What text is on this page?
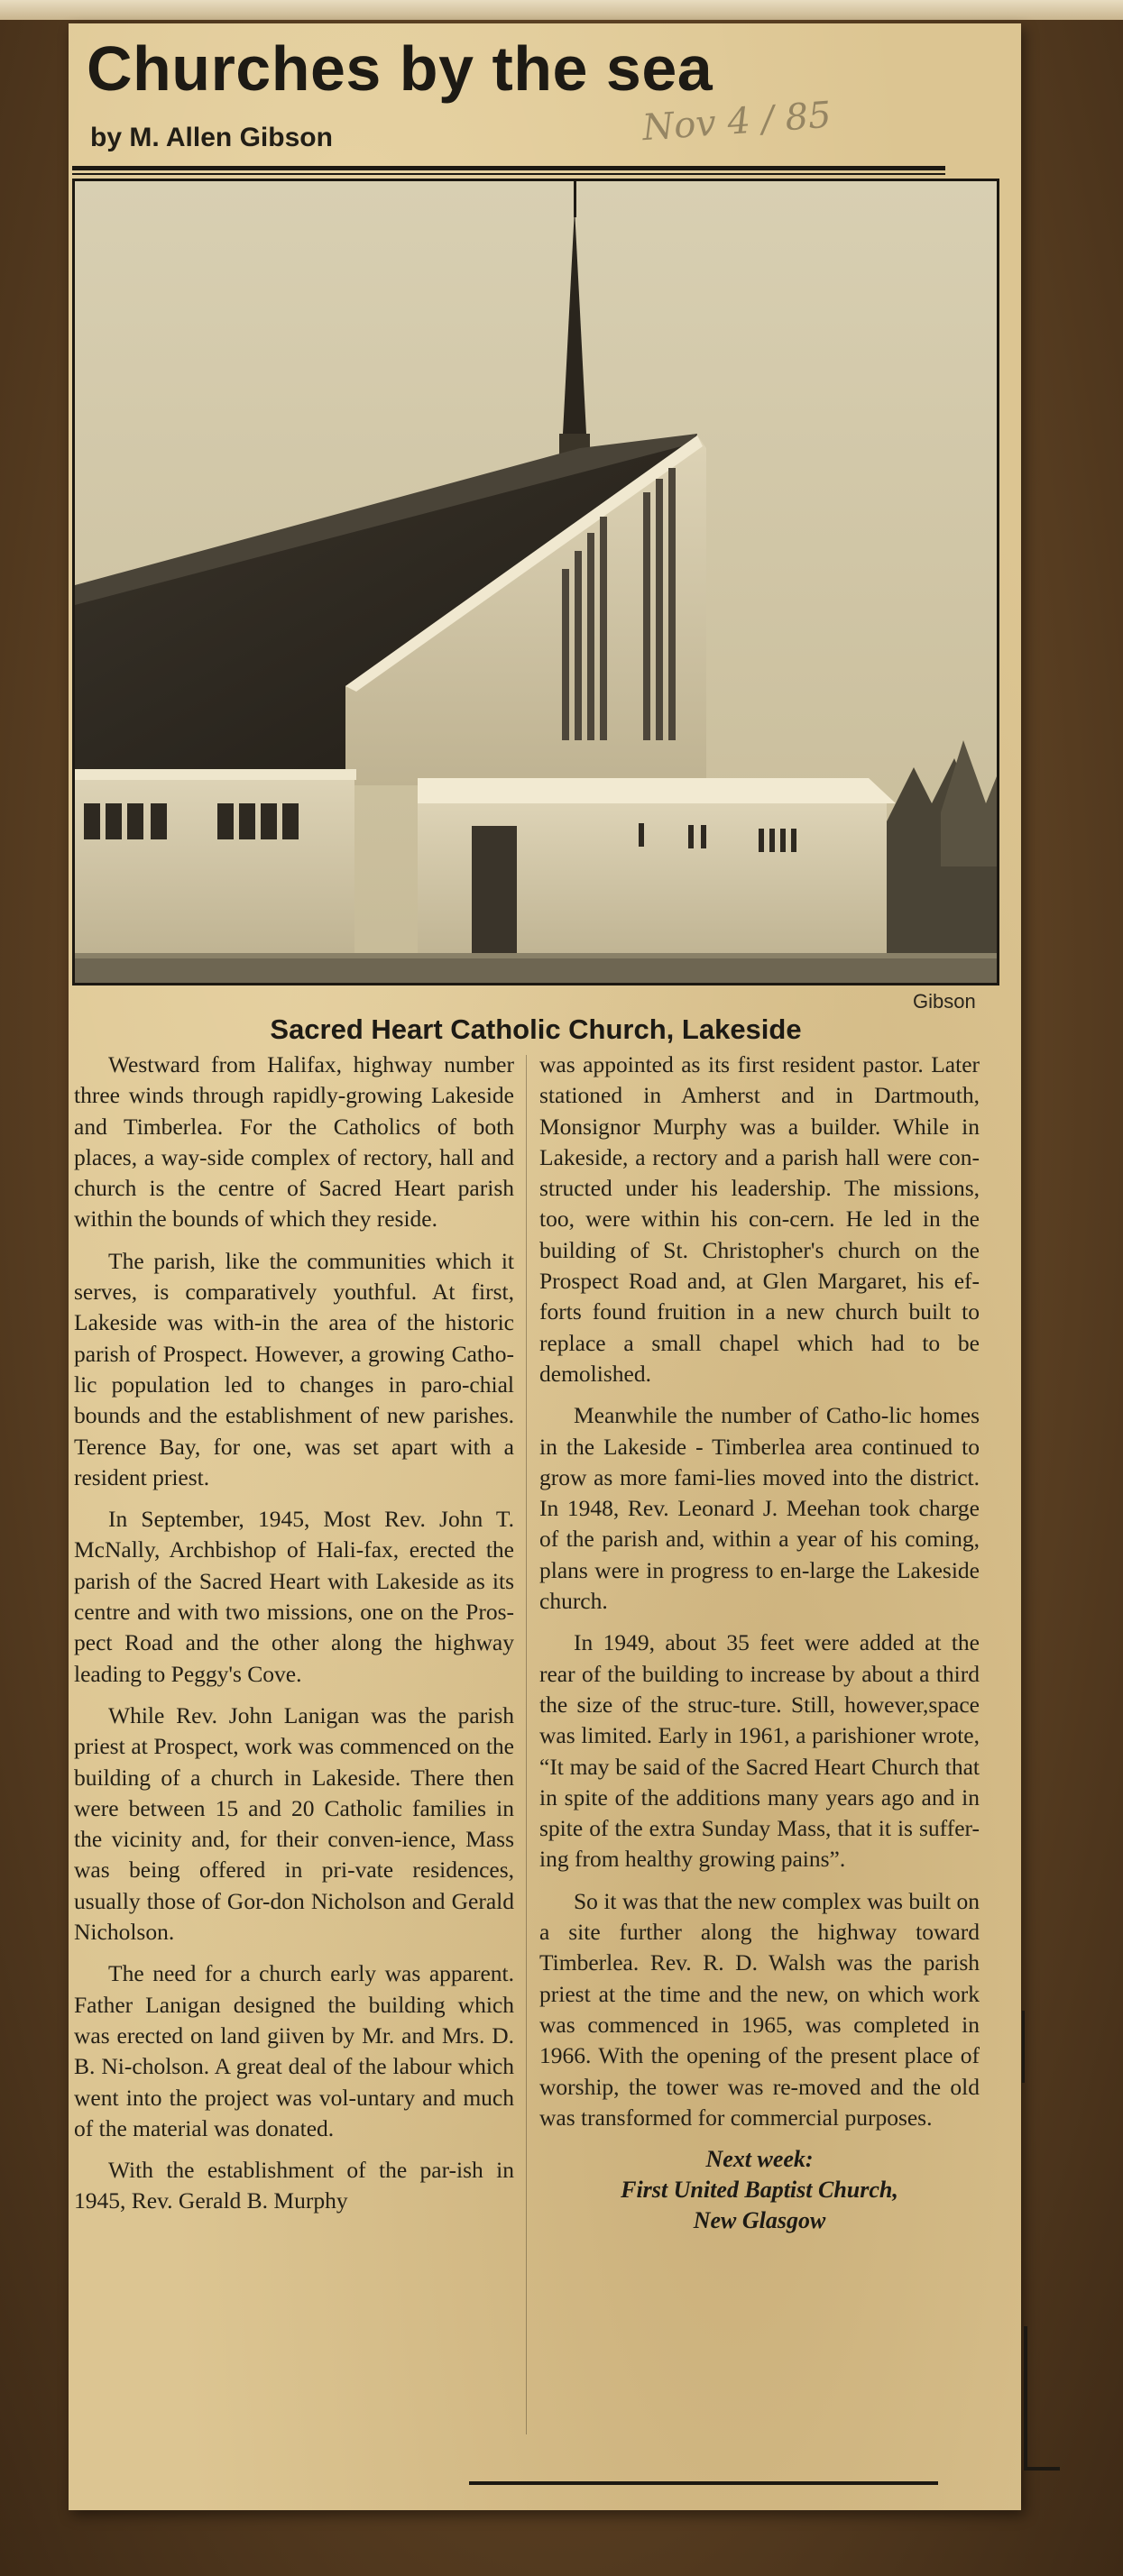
Churches by the sea
by M. Allen Gibson	Nov 4 / 85
Gibson
Sacred Heart Catholic Church, Lakeside

Westward from Halifax, highway number three winds through rapidly-growing Lakeside and Timberlea. For the Catholics of both places, a way-side complex of rectory, hall and church is the centre of Sacred Heart parish within the bounds of which they reside.

The parish, like the communities which it serves, is comparatively youthful. At first, Lakeside was with-in the area of the historic parish of Prospect. However, a growing Catho-lic population led to changes in paro-chial bounds and the establishment of new parishes. Terence Bay, for one, was set apart with a resident priest.

In September, 1945, Most Rev. John T. McNally, Archbishop of Hali-fax, erected the parish of the Sacred Heart with Lakeside as its centre and with two missions, one on the Pros-pect Road and the other along the highway leading to Peggy's Cove.

While Rev. John Lanigan was the parish priest at Prospect, work was commenced on the building of a church in Lakeside. There then were between 15 and 20 Catholic families in the vicinity and, for their conven-ience, Mass was being offered in pri-vate residences, usually those of Gor-don Nicholson and Gerald Nicholson.

The need for a church early was apparent. Father Lanigan designed the building which was erected on land giiven by Mr. and Mrs. D. B. Ni-cholson. A great deal of the labour which went into the project was vol-untary and much of the material was donated.

With the establishment of the par-ish in 1945, Rev. Gerald B. Murphy

was appointed as its first resident pastor. Later stationed in Amherst and in Dartmouth, Monsignor Murphy was a builder. While in Lakeside, a rectory and a parish hall were con-structed under his leadership. The missions, too, were within his con-cern. He led in the building of St. Christopher's church on the Prospect Road and, at Glen Margaret, his ef-forts found fruition in a new church built to replace a small chapel which had to be demolished.

Meanwhile the number of Catho-lic homes in the Lakeside - Timberlea area continued to grow as more fami-lies moved into the district. In 1948, Rev. Leonard J. Meehan took charge of the parish and, within a year of his coming, plans were in progress to en-large the Lakeside church.

In 1949, about 35 feet were added at the rear of the building to increase by about a third the size of the struc-ture. Still, however,space was limited. Early in 1961, a parishioner wrote, “It may be said of the Sacred Heart Church that in spite of the additions many years ago and in spite of the extra Sunday Mass, that it is suffer-ing from healthy growing pains”.

So it was that the new complex was built on a site further along the highway toward Timberlea. Rev. R. D. Walsh was the parish priest at the time and the new, on which work was commenced in 1965, was completed in 1966. With the opening of the present place of worship, the tower was re-moved and the old was transformed for commercial purposes.

Next week:
First United Baptist Church,
New Glasgow
